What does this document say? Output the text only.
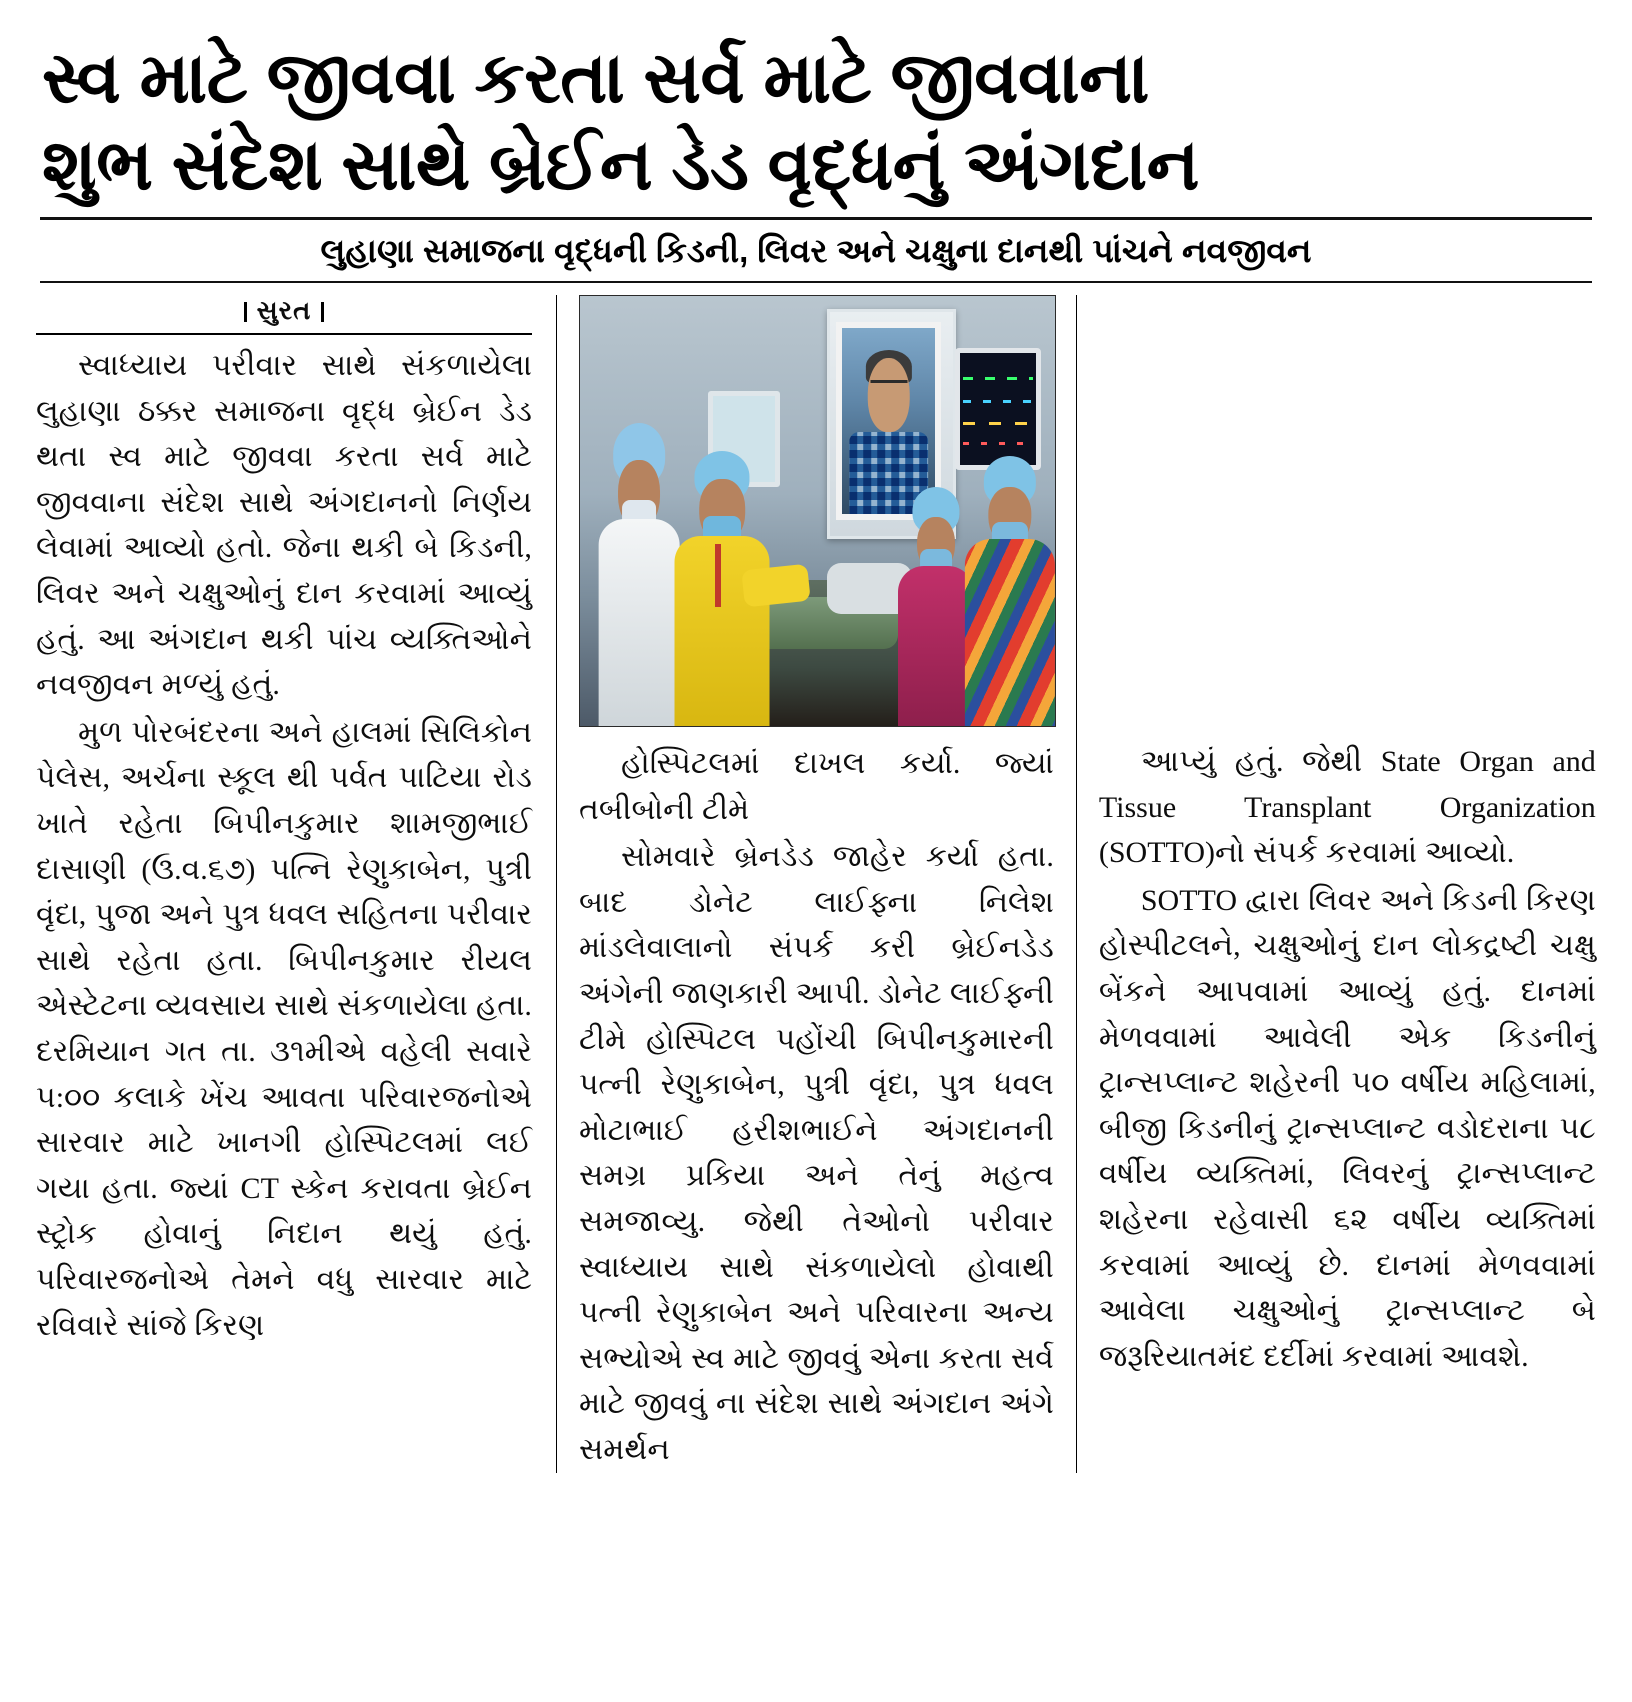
સ્વ માટે જીવવા કરતા સર્વ માટે જીવવાના
શુભ સંદેશ સાથે બ્રેઈન ડેડ વૃદ્ધનું અંગદાન
લુહાણા સમાજના વૃદ્ધની કિડની, લિવર અને ચક્ષુના દાનથી પાંચને નવજીવન
સુરત

સ્વાધ્યાય પરીવાર સાથે સંકળાયેલા લુહાણા ઠક્કર સમાજના વૃદ્ધ બ્રેઈન ડેડ થતા સ્વ માટે જીવવા કરતા સર્વ માટે જીવવાના સંદેશ સાથે અંગદાનનો નિર્ણય લેવામાં આવ્યો હતો. જેના થકી બે કિડની, લિવર અને ચક્ષુઓનું દાન કરવામાં આવ્યું હતું. આ અંગદાન થકી પાંચ વ્યક્તિઓને નવજીવન મળ્યું હતું.

મુળ પોરબંદરના અને હાલમાં સિલિકોન પેલેસ, અર્ચના સ્કૂલ થી પર્વત પાટિયા રોડ ખાતે રહેતા બિપીનકુમાર શામજીભાઈ દાસાણી (ઉ.વ.૬૭) પત્નિ રેણુકાબેન, પુત્રી વૃંદા, પુજા અને પુત્ર ધવલ સહિતના પરીવાર સાથે રહેતા હતા. બિપીનકુમાર રીયલ એસ્ટેટના વ્યવસાય સાથે સંકળાયેલા હતા. દરમિયાન ગત તા. ૩૧મીએ વહેલી સવારે ૫:૦૦ કલાકે ખેંચ આવતા પરિવારજનોએ સારવાર માટે ખાનગી હોસ્પિટલમાં લઈ ગયા હતા. જ્યાં CT સ્કેન કરાવતા બ્રેઈન સ્ટ્રોક હોવાનું નિદાન થયું હતું. પરિવારજનોએ તેમને વધુ સારવાર માટે રવિવારે સાંજે કિરણ

હોસ્પિટલમાં દાખલ કર્યા. જ્યાં તબીબોની ટીમે

સોમવારે બ્રેનડેડ જાહેર કર્યા હતા. બાદ ડોનેટ લાઈફ્ના નિલેશ માંડલેવાલાનો સંપર્ક કરી બ્રેઈનડેડ અંગેની જાણકારી આપી. ડોનેટ લાઈફ્ની ટીમે હોસ્પિટલ પહોંચી બિપીનકુમારની પત્ની રેણુકાબેન, પુત્રી વૃંદા, પુત્ર ધવલ મોટાભાઈ હરીશભાઈને અંગદાનની સમગ્ર પ્રકિયા અને તેનું મહત્વ સમજાવ્યુ. જેથી તેઓનો પરીવાર સ્વાધ્યાય સાથે સંકળાયેલો હોવાથી પત્ની રેણુકાબેન અને પરિવારના અન્ય સભ્યોએ સ્વ માટે જીવવું એના કરતા સર્વ માટે જીવવું ના સંદેશ સાથે અંગદાન અંગે સમર્થન

આપ્યું હતું. જેથી State Organ and Tissue Transplant Organization (SOTTO)નો સંપર્ક કરવામાં આવ્યો.

SOTTO દ્વારા લિવર અને કિડની કિરણ હોસ્પીટલને, ચક્ષુઓનું દાન લોકદ્રષ્ટી ચક્ષુ બેંકને આપવામાં આવ્યું હતું. દાનમાં મેળવવામાં આવેલી એક કિડનીનું ટ્રાન્સપ્લાન્ટ શહેરની ૫૦ વર્ષીય મહિલામાં, બીજી કિડનીનું ટ્રાન્સપ્લાન્ટ વડોદરાના ૫૮ વર્ષીય વ્યક્તિમાં, લિવરનું ટ્રાન્સપ્લાન્ટ શહેરના રહેવાસી ૬૨ વર્ષીય વ્યક્તિમાં કરવામાં આવ્યું છે. દાનમાં મેળવવામાં આવેલા ચક્ષુઓનું ટ્રાન્સપ્લાન્ટ બે જરૂરિયાતમંદ દર્દીમાં કરવામાં આવશે.
